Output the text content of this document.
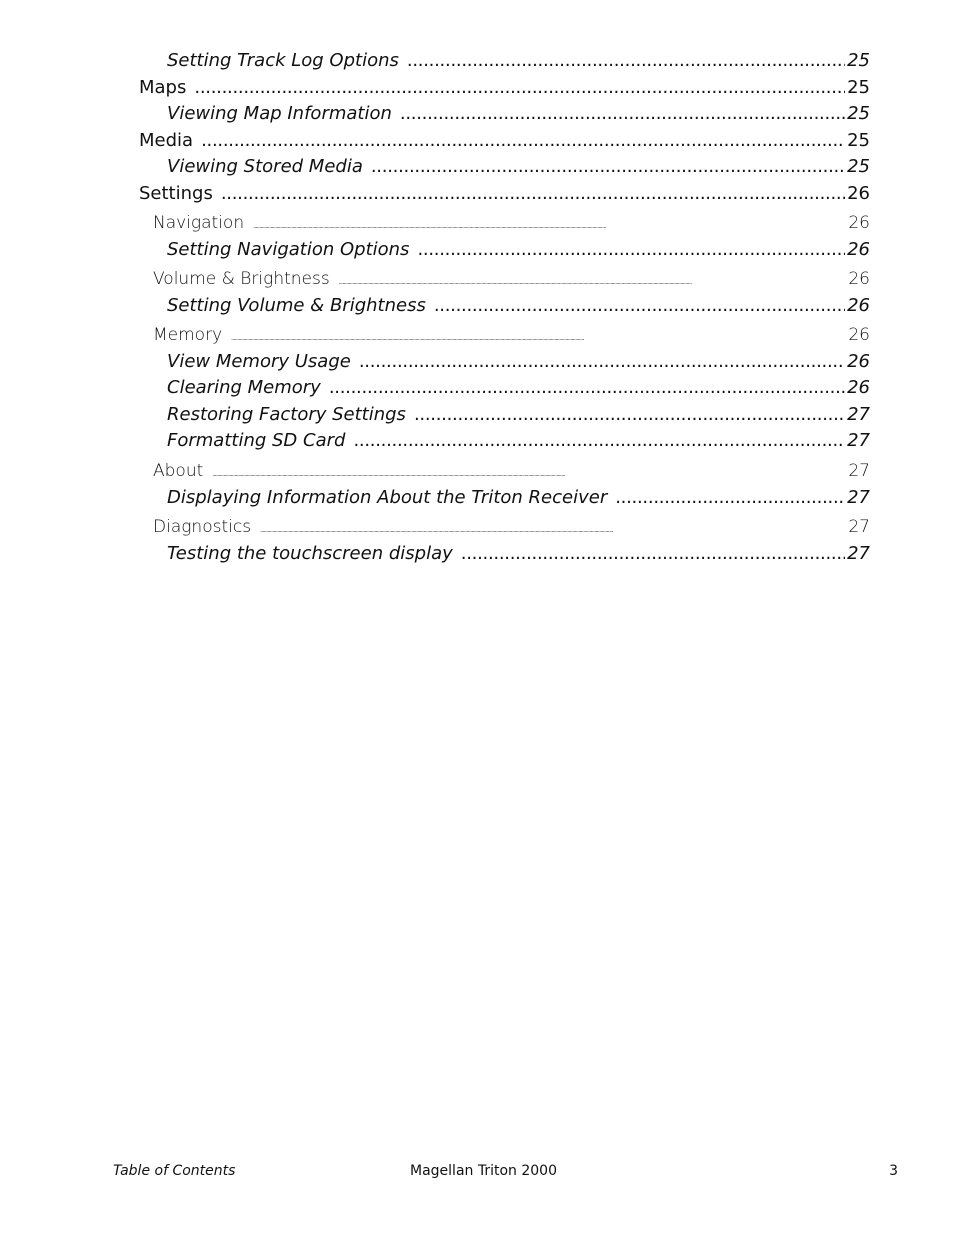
Setting Track Log Options . . .	25
Maps . . .	25
Viewing Map Information . . .	25
Media . . .	25
Viewing Stored Media . . .	25
Settings . . .	26
Navigation . . .	26
Setting Navigation Options . . .	26
Volume & Brightness . . .	26
Setting Volume & Brightness . . .	26
Memory . . .	26
View Memory Usage . . .	26
Clearing Memory . . .	26
Restoring Factory Settings . . .	27
Formatting SD Card . . .	27
About . . .	27
Displaying Information About the Triton Receiver . . .	27
Diagnostics . . .	27
Testing the touchscreen display . . .	27
Table of Contents	Magellan Triton 2000	3
